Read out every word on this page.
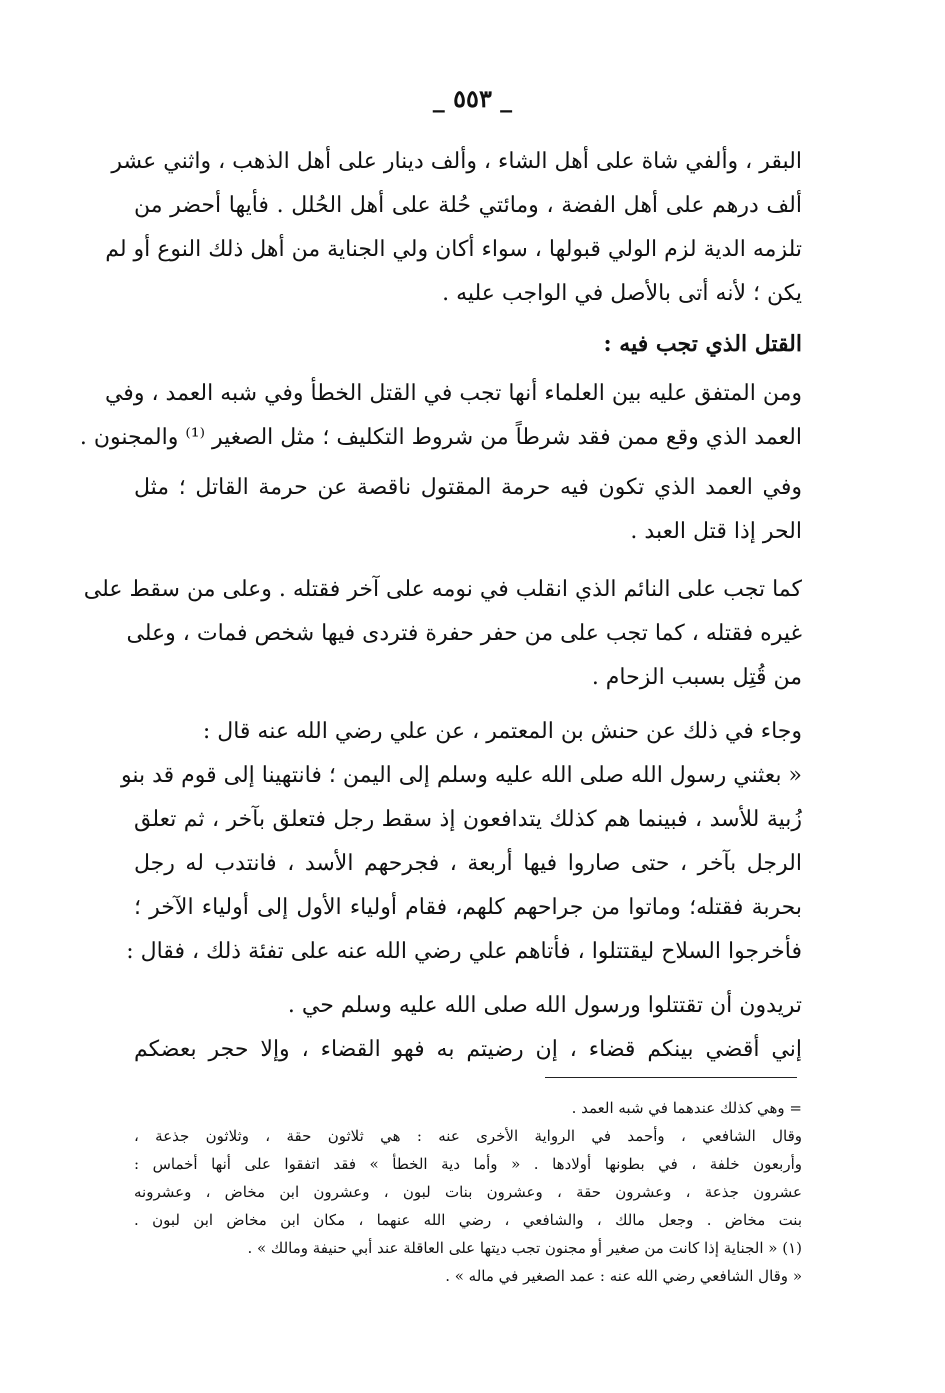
_ ٥٥٣ _
البقر ، وألفي شاة على أهل الشاء ، وألف دينار على أهل الذهب ، واثني عشر
ألف درهم على أهل الفضة ، ومائتي حُلة على أهل الحُلل . فأيها أحضر من
تلزمه الدية لزم الولي قبولها ، سواء أكان ولي الجناية من أهل ذلك النوع أو لم
يكن ؛ لأنه أتى بالأصل في الواجب عليه .
القتل الذي تجب فيه :
ومن المتفق عليه بين العلماء أنها تجب في القتل الخطأ وفي شبه العمد ، وفي
العمد الذي وقع ممن فقد شرطاً من شروط التكليف ؛ مثل الصغير ⁽¹⁾ والمجنون .
وفي العمد الذي تكون فيه حرمة المقتول ناقصة عن حرمة القاتل ؛ مثل
الحر إذا قتل العبد .
كما تجب على النائم الذي انقلب في نومه على آخر فقتله . وعلى من سقط على
غيره فقتله ، كما تجب على من حفر حفرة فتردى فيها شخص فمات ، وعلى
من قُتِل بسبب الزحام .
وجاء في ذلك عن حنش بن المعتمر ، عن علي رضي الله عنه قال :
« بعثني رسول الله صلى الله عليه وسلم إلى اليمن ؛ فانتهينا إلى قوم قد بنو
زُبية للأسد ، فبينما هم كذلك يتدافعون إذ سقط رجل فتعلق بآخر ، ثم تعلق
الرجل بآخر ، حتى صاروا فيها أربعة ، فجرحهم الأسد ، فانتدب له رجل
بحربة فقتله؛ وماتوا من جراحهم كلهم، فقام أولياء الأول إلى أولياء الآخر ؛
فأخرجوا السلاح ليقتتلوا ، فأتاهم علي رضي الله عنه على تفئة ذلك ، فقال :
تريدون أن تقتتلوا ورسول الله صلى الله عليه وسلم حي .
إني أقضي بينكم قضاء ، إن رضيتم به فهو القضاء ، وإلا حجر بعضكم
= وهي كذلك عندهما في شبه العمد .
وقال الشافعي ، وأحمد في الرواية الأخرى عنه : هي ثلاثون حقة ، وثلاثون جذعة ،
وأربعون خلفة ، في بطونها أولادها . « وأما دية الخطأ » فقد اتفقوا على أنها أخماس :
عشرون جذعة ، وعشرون حقة ، وعشرون بنات لبون ، وعشرون ابن مخاض ، وعشرونه
بنت مخاض . وجعل مالك ، والشافعي ، رضي الله عنهما ، مكان ابن مخاض ابن لبون .
(١) « الجناية إذا كانت من صغير أو مجنون تجب ديتها على العاقلة عند أبي حنيفة ومالك » .
« وقال الشافعي رضي الله عنه : عمد الصغير في ماله » .
